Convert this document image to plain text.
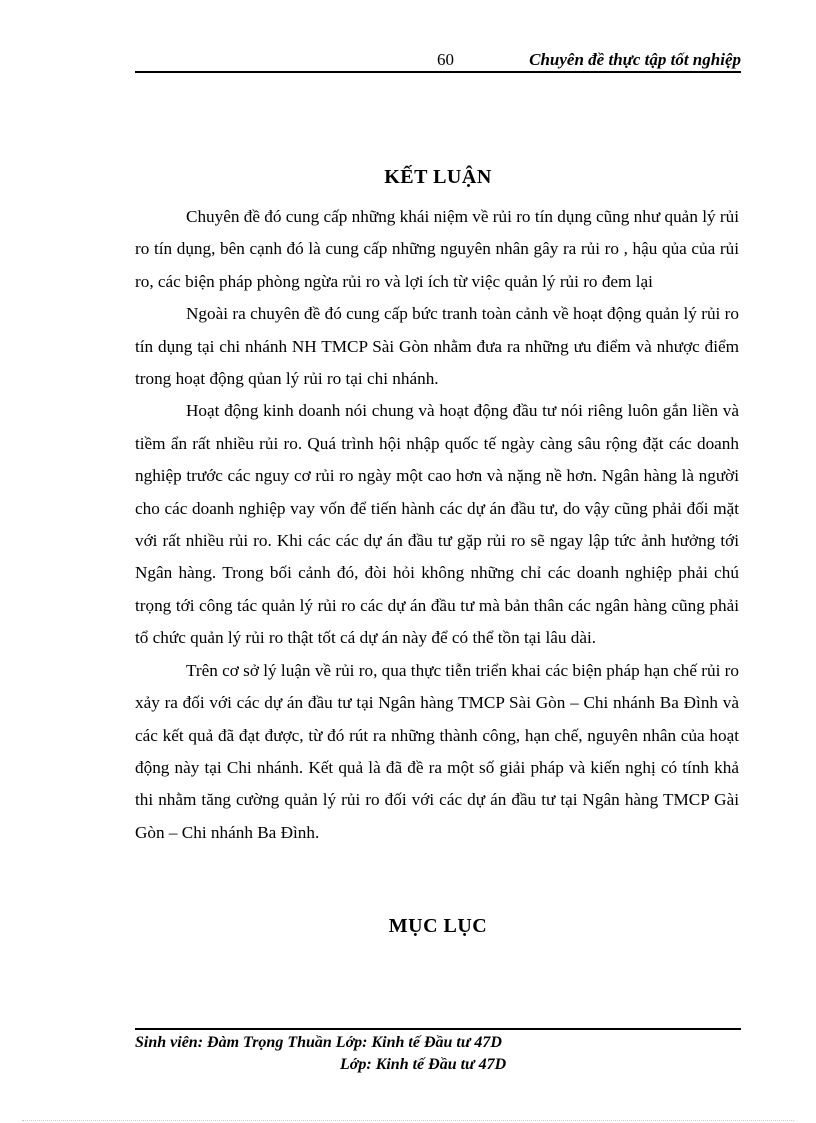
60	Chuyên đề thực tập tốt nghiệp
KẾT LUẬN

Chuyên đề đó cung cấp những khái niệm về rủi ro tín dụng cũng như quản lý rủi ro tín dụng, bên cạnh đó là cung cấp những nguyên nhân gây ra rủi ro , hậu qủa của rủi ro, các biện pháp phòng ngừa rủi ro và lợi ích từ việc quản lý rủi ro đem lại

Ngoài ra chuyên đề đó cung cấp bức tranh toàn cảnh về hoạt động quản lý rủi ro tín dụng tại chi nhánh NH TMCP Sài Gòn nhằm đưa ra những ưu điểm và nhược điểm trong hoạt động qủan lý rủi ro tại chi nhánh.

Hoạt động kinh doanh nói chung và hoạt động đầu tư nói riêng luôn gắn liền và tiềm ẩn rất nhiều rủi ro. Quá trình hội nhập quốc tế ngày càng sâu rộng đặt các doanh nghiệp trước các nguy cơ rủi ro ngày một cao hơn và nặng nề hơn. Ngân hàng là người cho các doanh nghiệp vay vốn để tiến hành các dự án đầu tư, do vậy cũng phải đối mặt với rất nhiều rủi ro. Khi các các dự án đầu tư gặp rủi ro sẽ ngay lập tức ảnh hưởng tới Ngân hàng. Trong bối cảnh đó, đòi hỏi không những chỉ các doanh nghiệp phải chú trọng tới công tác quản lý rủi ro các dự án đầu tư mà bản thân các ngân hàng cũng phải tổ chức quản lý rủi ro thật tốt cá dự án này để có thể tồn tại lâu dài.

Trên cơ sở lý luận về rủi ro, qua thực tiễn triển khai các biện pháp hạn chế rủi ro xảy ra đối với các dự án đầu tư tại Ngân hàng TMCP Sài Gòn – Chi nhánh Ba Đình và các kết quả đã đạt được, từ đó rút ra những thành công, hạn chế, nguyên nhân của hoạt động này tại Chi nhánh. Kết quả là đã đề ra một số giải pháp và kiến nghị có tính khả thi nhằm tăng cường quản lý rủi ro đối với các dự án đầu tư tại Ngân hàng TMCP Gài Gòn – Chi nhánh Ba Đình.

MỤC LỤC
Sinh viên: Đàm Trọng Thuần Lớp: Kinh tế Đầu tư 47D
Lớp: Kinh tế Đầu tư 47D
